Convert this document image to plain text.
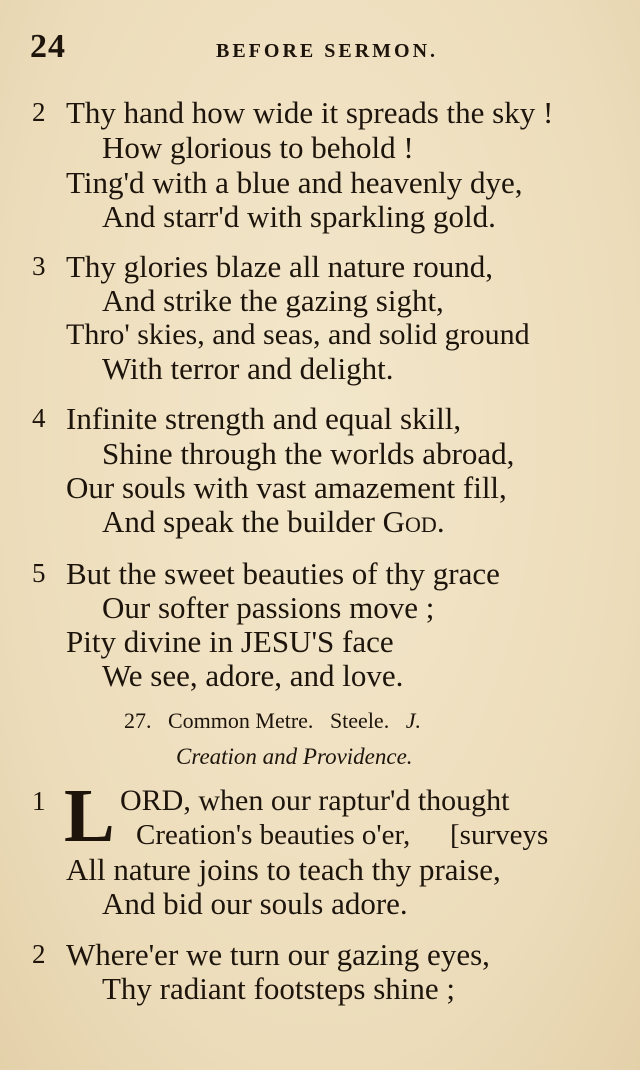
24	BEFORE SERMON.
2 Thy hand how wide it spreads the sky !
How glorious to behold !
Ting'd with a blue and heavenly dye,
And starr'd with sparkling gold.
3 Thy glories blaze all nature round,
And strike the gazing sight,
Thro' skies, and seas, and solid ground
With terror and delight.
4 Infinite strength and equal skill,
Shine through the worlds abroad,
Our souls with vast amazement fill,
And speak the builder God.
5 But the sweet beauties of thy grace
Our softer passions move ;
Pity divine in JESU'S face
We see, adore, and love.
27. Common Metre. Steele. J.
Creation and Providence.
1 L ORD, when our raptur'd thought
Creation's beauties o'er, [surveys
All nature joins to teach thy praise,
And bid our souls adore.
2 Where'er we turn our gazing eyes,
Thy radiant footsteps shine ;
